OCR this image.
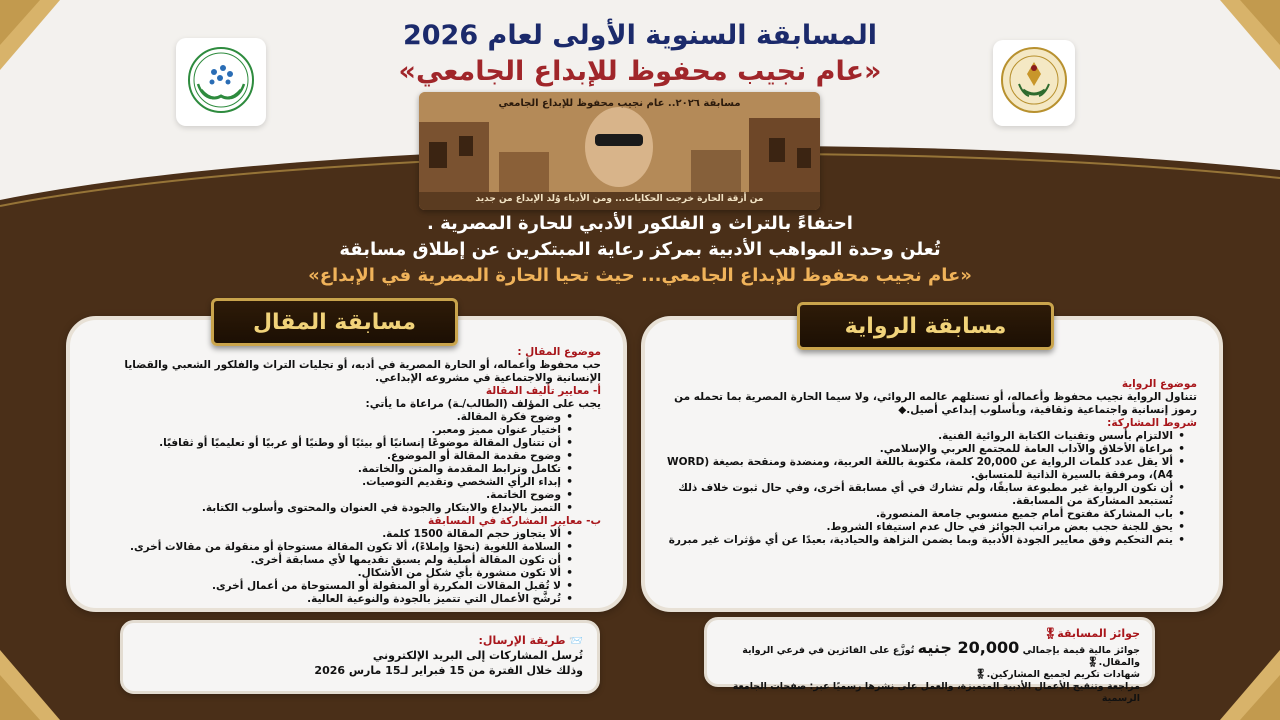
المسابقة السنوية الأولى لعام 2026
«عام نجيب محفوظ للإبداع الجامعي»
مسابقة ٢٠٢٦.. عام نجيب محفوظ للإبداع الجامعي
من أزقة الحارة خرجت الحكايات... ومن الأدباء وُلد الإبداع من جديد
احتفاءً بالتراث و الفلكور الأدبي للحارة المصرية .
تُعلن وحدة المواهب الأدبية بمركز رعاية المبتكرين عن إطلاق مسابقة
«عام نجيب محفوظ للإبداع الجامعي... حيث تحيا الحارة المصرية في الإبداع»
موضوع المقال :
حب محفوظ وأعماله، أو الحارة المصرية في أدبه، أو تجليات التراث والفلكور الشعبي والقضايا الإنسانية والاجتماعية في مشروعه الإبداعي.
أ- معايير تأليف المقالة
يجب على المؤلف (الطالب/ـة) مراعاة ما يأتي:
• وضوح فكرة المقالة.
• اختيار عنوان مميز ومعبر.
• أن تتناول المقالة موضوعًا إنسانيًا أو بيئيًا أو وطنيًا أو عربيًا أو تعليميًا أو ثقافيًا.
• وضوح مقدمة المقالة أو الموضوع.
• تكامل وترابط المقدمة والمتن والخاتمة.
• إبداء الرأي الشخصي وتقديم التوصيات.
• وضوح الخاتمة.
• التميز بالإبداع والابتكار والجودة في العنوان والمحتوى وأسلوب الكتابة.
ب- معايير المشاركة في المسابقة
• ألا يتجاوز حجم المقالة 1500 كلمة.
• السلامة اللغوية (نحوًا وإملاءً)، ألا تكون المقالة مستوحاة أو منقولة من مقالات أخرى.
• أن تكون المقالة أصلية ولم يسبق تقديمها لأي مسابقة أخرى.
• ألا تكون منشورة بأي شكل من الأشكال.
• لا تُقبل المقالات المكررة أو المنقولة أو المستوحاة من أعمال أخرى.
• تُرشَّح الأعمال التي تتميز بالجودة والنوعية العالية.
مسابقة المقال
موضوع الرواية
تتناول الرواية نجيب محفوظ وأعماله، أو تستلهم عالمه الروائي، ولا سيما الحارة المصرية بما تحمله من رموز إنسانية واجتماعية وثقافية، وبأسلوب إبداعي أصيل.◆
شروط المشاركة:
• الالتزام بأسس وتقنيات الكتابة الروائية الفنية.
• مراعاة الأخلاق والآداب العامة للمجتمع العربي والإسلامي.
• ألا يقل عدد كلمات الرواية عن 20,000 كلمة، مكتوبة باللغة العربية، ومنضدة ومنقحة بصيغة (WORD A4)، ومرفقة بالسيرة الذاتية للمتسابق.
• أن تكون الرواية غير مطبوعة سابقًا، ولم تشارك في أي مسابقة أخرى، وفي حال ثبوت خلاف ذلك تُستبعد المشاركة من المسابقة.
• باب المشاركة مفتوح أمام جميع منسوبي جامعة المنصورة.
• يحق للجنة حجب بعض مراتب الجوائز في حال عدم استيفاء الشروط.
• يتم التحكيم وفق معايير الجودة الأدبية وبما يضمن النزاهة والحيادية، بعيدًا عن أي مؤثرات غير مبررة
مسابقة الرواية
📨 طريقة الإرسال:
تُرسل المشاركات إلى البريد الإلكتروني
وذلك خلال الفترة من 15 فبراير لـ15 مارس 2026
جوائز المسابقة🎖
جوائز مالية قيمة بإجمالي 20,000 جنيه تُوزَّع على الفائزين في فرعي الرواية والمقال.🎖
شهادات تكريم لجميع المشاركين.🎖
مراجعة وتنقيح الأعمال الأدبية المتميزة، والعمل على نشرها رسميًا عبر: صفحات الجامعة الرسمية
